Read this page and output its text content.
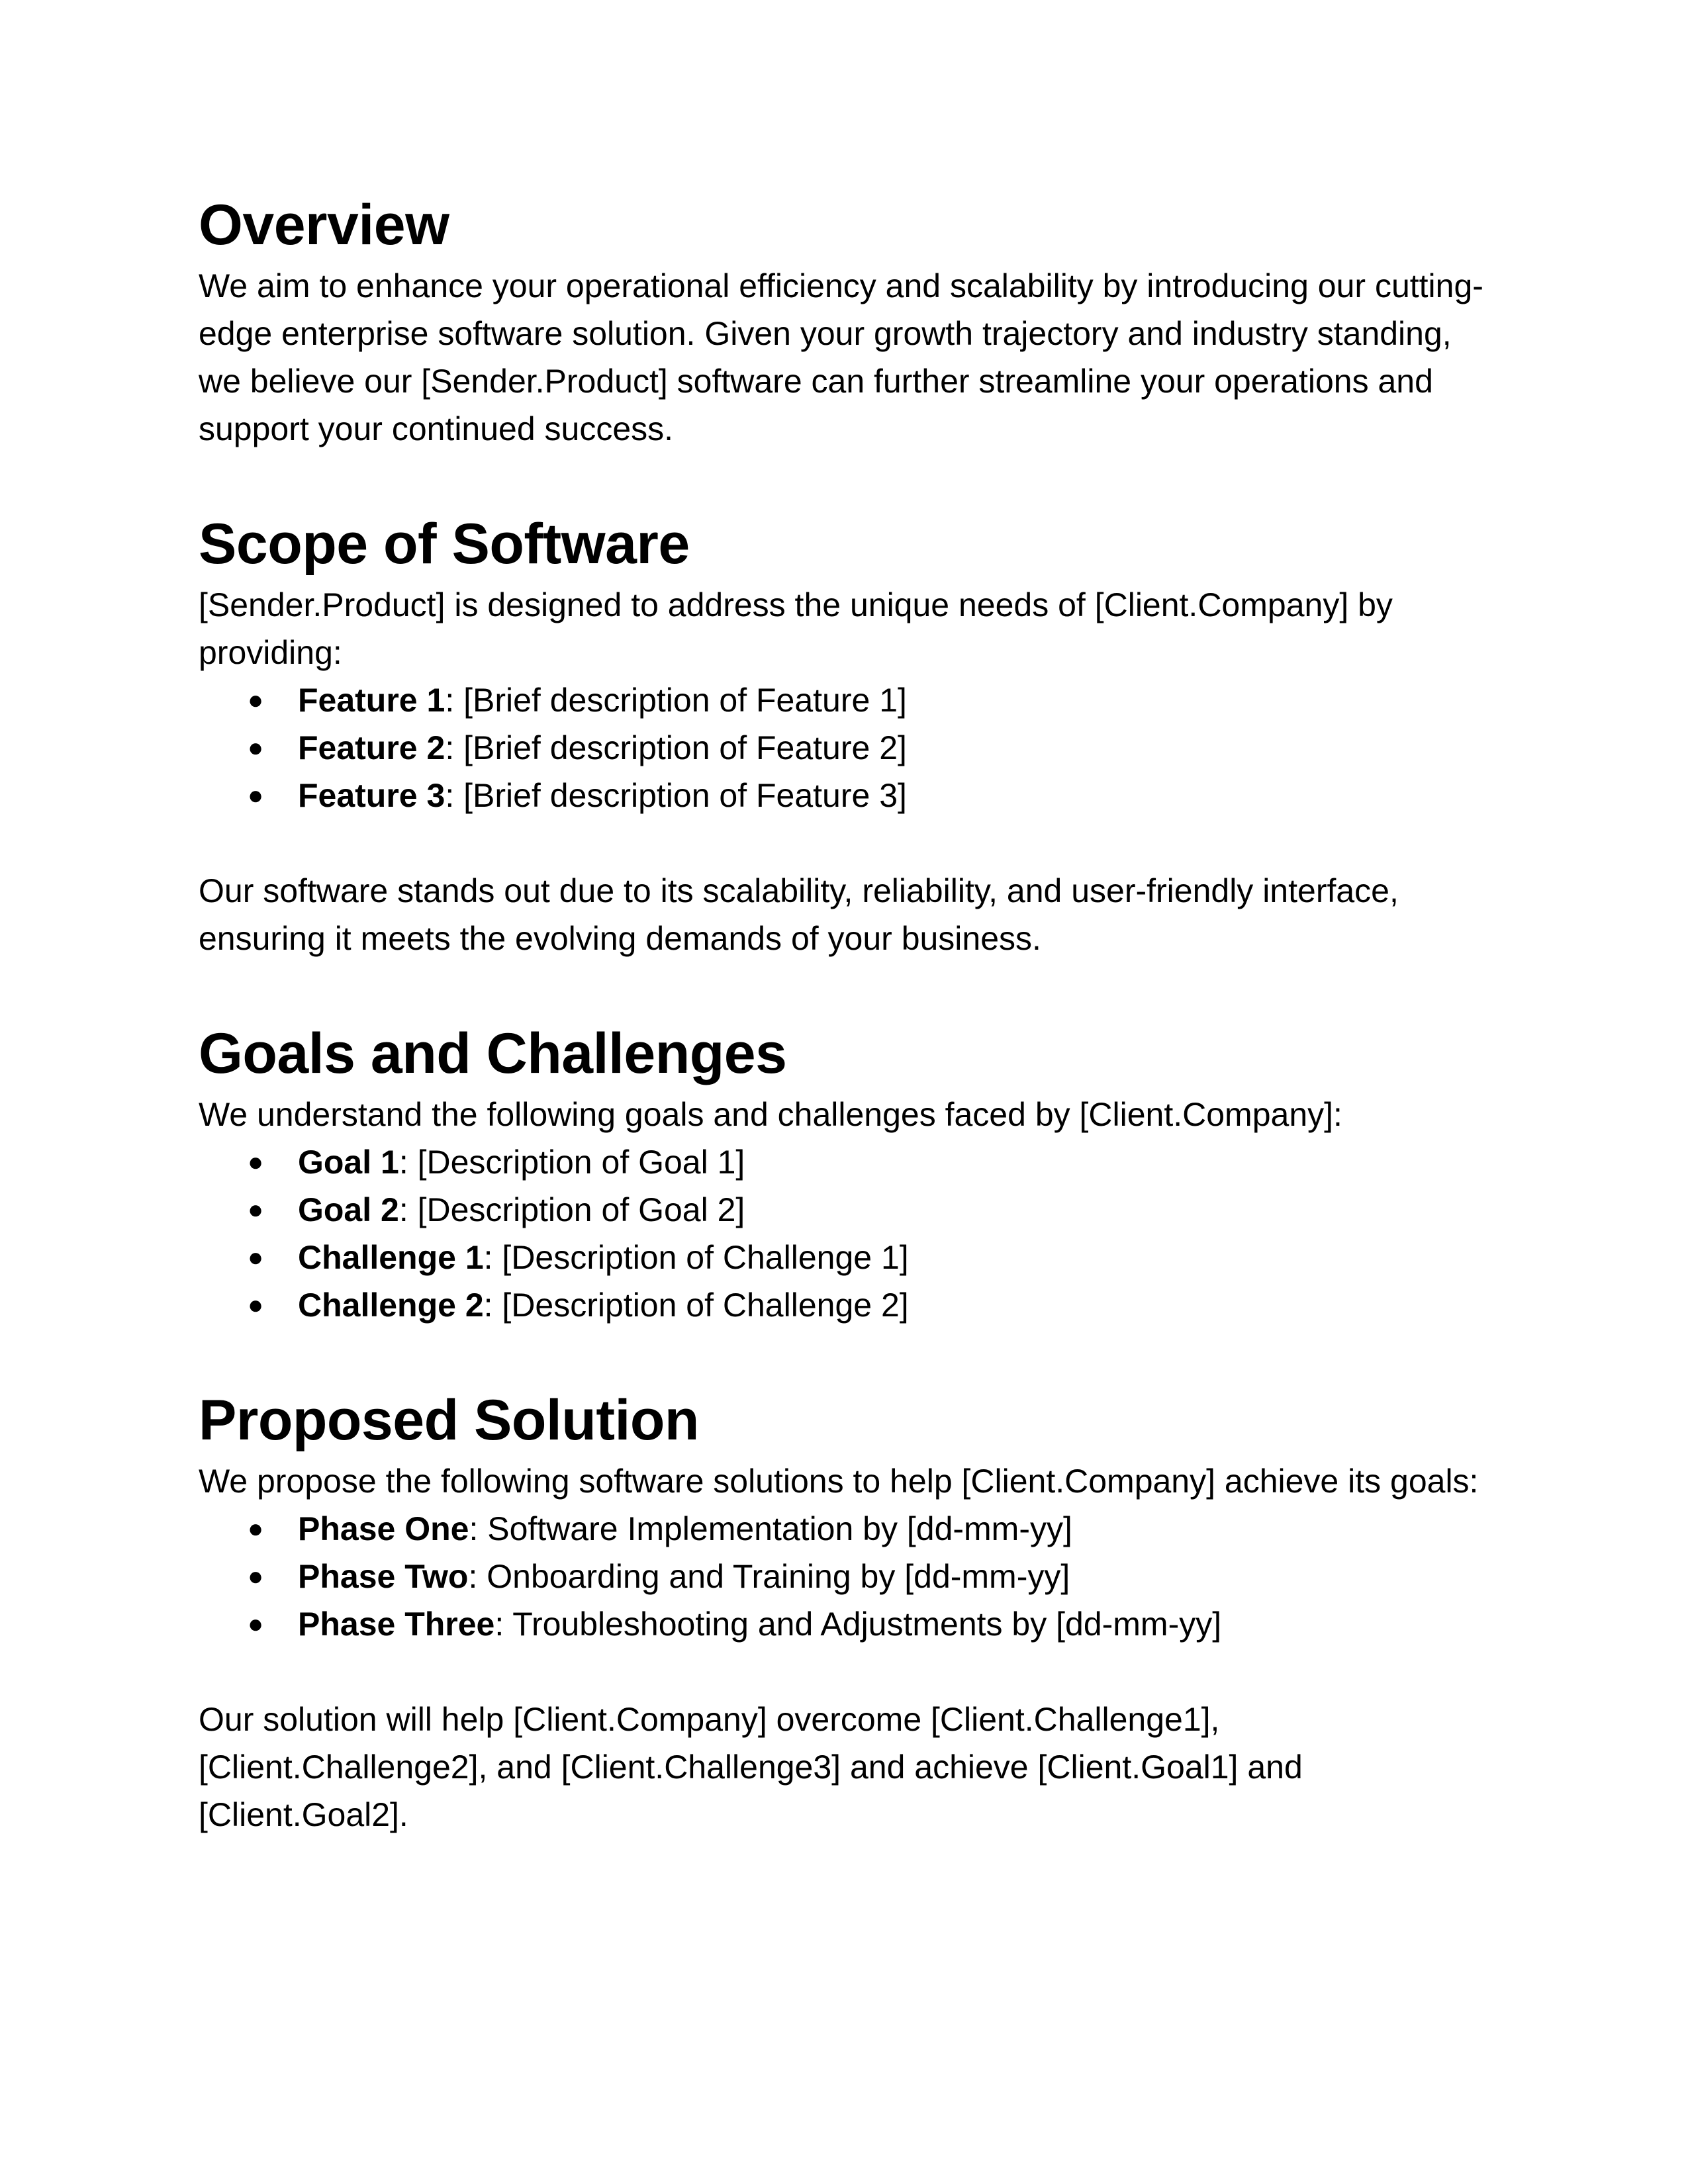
Overview

We aim to enhance your operational efficiency and scalability by introducing our cutting-edge enterprise software solution. Given your growth trajectory and industry standing, we believe our [Sender.Product] software can further streamline your operations and support your continued success.

Scope of Software

[Sender.Product] is designed to address the unique needs of [Client.Company] by providing:

● Feature 1: [Brief description of Feature 1]
● Feature 2: [Brief description of Feature 2]
● Feature 3: [Brief description of Feature 3]

Our software stands out due to its scalability, reliability, and user-friendly interface, ensuring it meets the evolving demands of your business.

Goals and Challenges

We understand the following goals and challenges faced by [Client.Company]:

● Goal 1: [Description of Goal 1]
● Goal 2: [Description of Goal 2]
● Challenge 1: [Description of Challenge 1]
● Challenge 2: [Description of Challenge 2]
Proposed Solution

We propose the following software solutions to help [Client.Company] achieve its goals:

● Phase One: Software Implementation by [dd-mm-yy]
● Phase Two: Onboarding and Training by [dd-mm-yy]
● Phase Three: Troubleshooting and Adjustments by [dd-mm-yy]

Our solution will help [Client.Company] overcome [Client.Challenge1], [Client.Challenge2], and [Client.Challenge3] and achieve [Client.Goal1] and [Client.Goal2].
